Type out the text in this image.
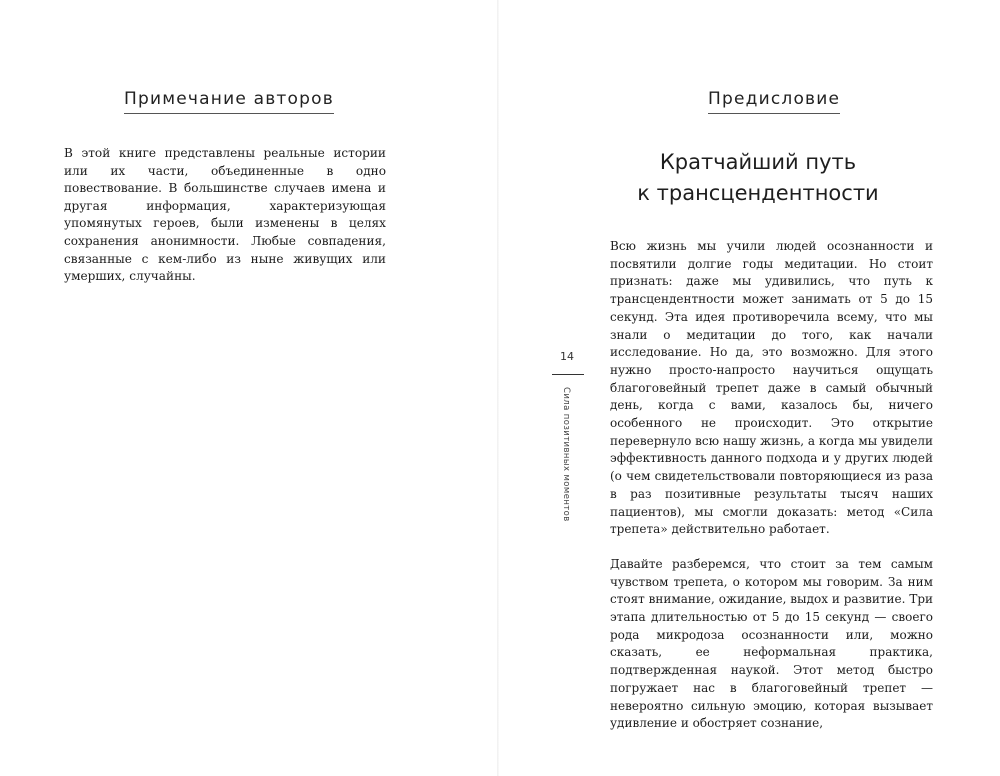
Примечание авторов

В этой книге представлены реальные истории или их части, объединенные в одно повествование. В большинстве случаев имена и другая информация, характеризующая упомянутых героев, были изменены в целях сохранения анонимности. Любые совпадения, связанные с кем-либо из ныне живущих или умерших, случайны.

Предисловие
Кратчайший путь
к трансцендентности

Всю жизнь мы учили людей осознанности и посвятили долгие годы медитации. Но стоит признать: даже мы удивились, что путь к трансцендентности может занимать от 5 до 15 секунд. Эта идея противоречила всему, что мы знали о медитации до того, как начали исследование. Но да, это возможно. Для этого нужно просто-напросто научиться ощущать благоговейный трепет даже в самый обычный день, когда с вами, казалось бы, ничего особенного не происходит. Это открытие перевернуло всю нашу жизнь, а когда мы увидели эффективность данного подхода и у других людей (о чем свидетельствовали повторяющиеся из раза в раз позитивные результаты тысяч наших пациентов), мы смогли доказать: метод «Сила трепета» действительно работает.

Давайте разберемся, что стоит за тем самым чувством трепета, о котором мы говорим. За ним стоят внимание, ожидание, выдох и развитие. Три этапа длительностью от 5 до 15 секунд — своего рода микродоза осознанности или, можно сказать, ее неформальная практика, подтвержденная наукой. Этот метод быстро погружает нас в благоговейный трепет — невероятно сильную эмоцию, которая вызывает удивление и обостряет сознание,

14
Сила позитивных моментов
